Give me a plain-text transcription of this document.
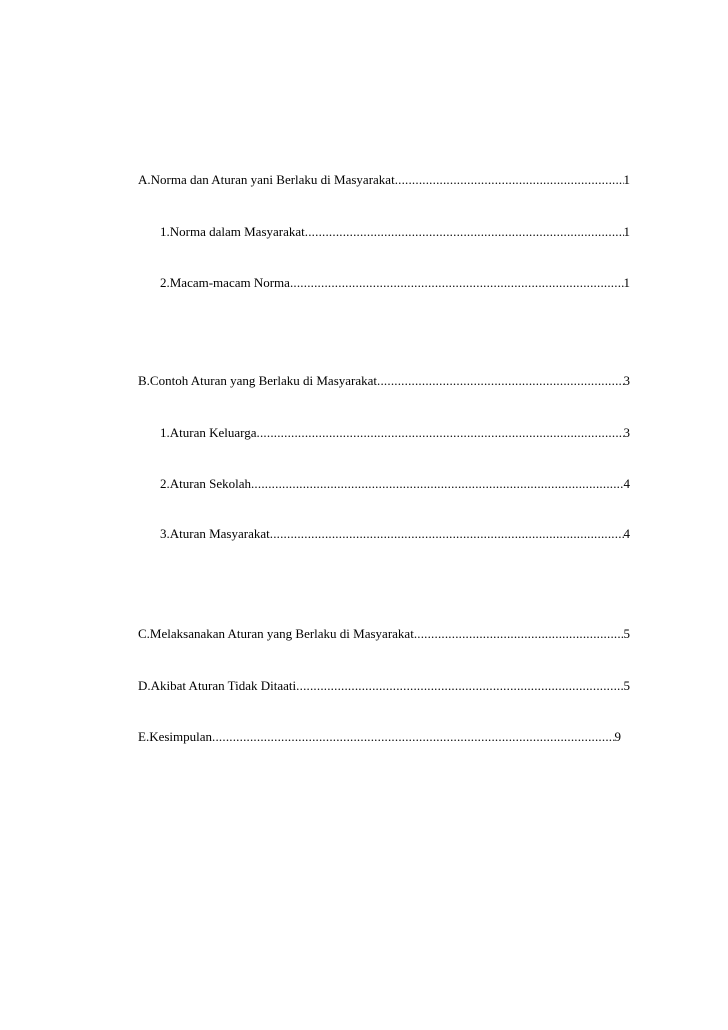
A. Norma dan Aturan yani Berlaku di Masyarakat .....	1
1. Norma dalam Masyarakat .....	1
2. Macam-macam Norma .....	1
B. Contoh Aturan yang Berlaku di Masyarakat .....	3
1. Aturan Keluarga .....	3
2. Aturan Sekolah .....	4
3. Aturan Masyarakat .....	4
C. Melaksanakan Aturan yang Berlaku di Masyarakat .....	5
D. Akibat Aturan Tidak Ditaati .....	5
E. Kesimpulan .....	9
